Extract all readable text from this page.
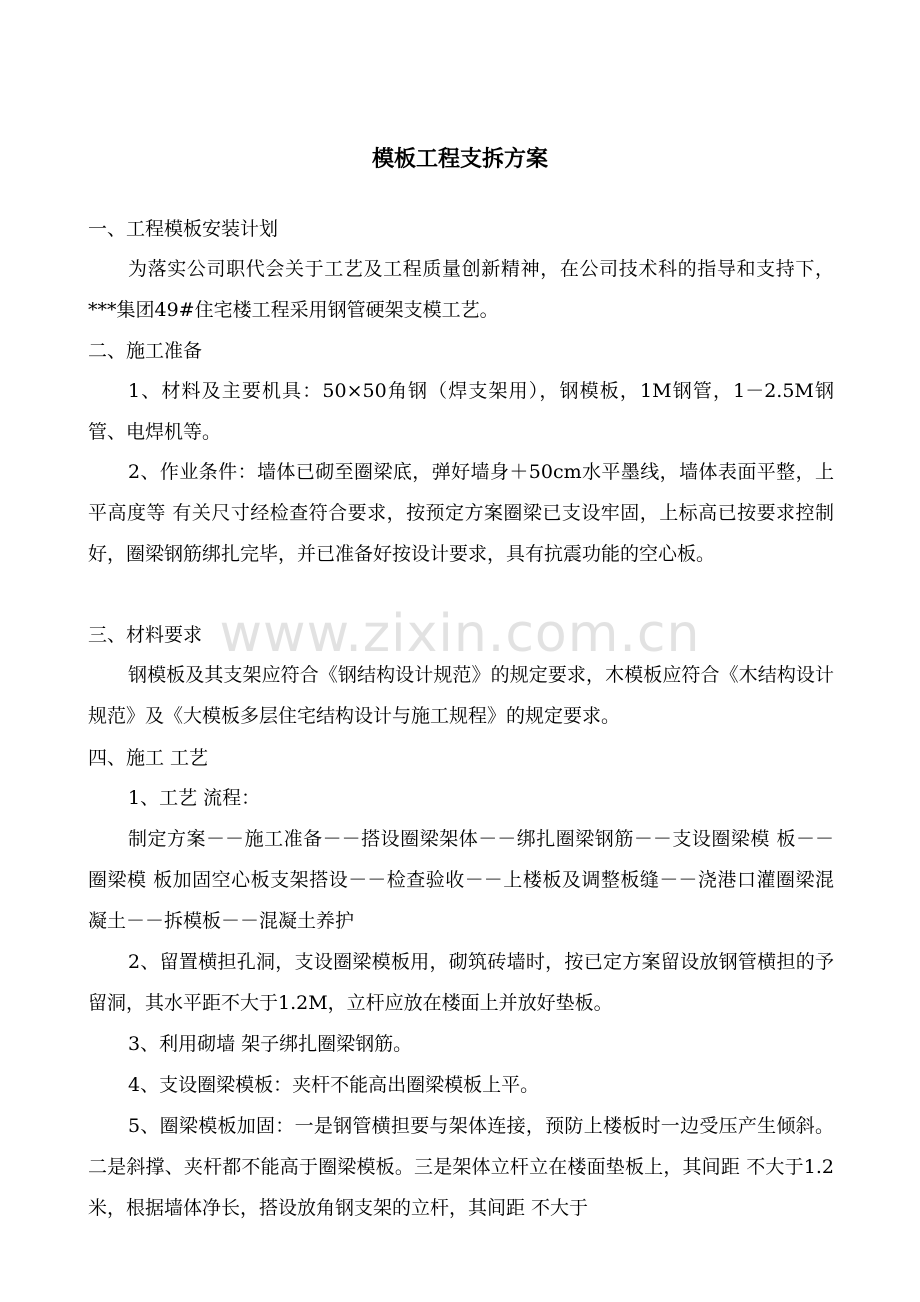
www.zixin.com.cn
模板工程支拆方案
一、工程模板安装计划
为落实公司职代会关于工艺及工程质量创新精神，在公司技术科的指导和支持下，***集团49#住宅楼工程采用钢管硬架支模工艺。
二、施工准备
1、材料及主要机具：50×50角钢（焊支架用），钢模板，1M钢管，1－2.5M钢管、电焊机等。
2、作业条件：墙体已砌至圈梁底，弹好墙身＋50cm水平墨线，墙体表面平整，上平高度等 有关尺寸经检查符合要求，按预定方案圈梁已支设牢固，上标高已按要求控制好，圈梁钢筋绑扎完毕，并已准备好按设计要求，具有抗震功能的空心板。
三、材料要求
钢模板及其支架应符合《钢结构设计规范》的规定要求，木模板应符合《木结构设计规范》及《大模板多层住宅结构设计与施工规程》的规定要求。
四、施工 工艺
1、工艺 流程：
制定方案－－施工准备－－搭设圈梁架体－－绑扎圈梁钢筋－－支设圈梁模 板－－圈梁模 板加固空心板支架搭设－－检查验收－－上楼板及调整板缝－－浇港口灌圈梁混凝土－－拆模板－－混凝土养护
2、留置横担孔洞，支设圈梁模板用，砌筑砖墙时，按已定方案留设放钢管横担的予留洞，其水平距不大于1.2M，立杆应放在楼面上并放好垫板。
3、利用砌墙 架子绑扎圈梁钢筋。
4、支设圈梁模板：夹杆不能高出圈梁模板上平。
5、圈梁模板加固：一是钢管横担要与架体连接，预防上楼板时一边受压产生倾斜。二是斜撑、夹杆都不能高于圈梁模板。三是架体立杆立在楼面垫板上，其间距 不大于1.2米，根据墙体净长，搭设放角钢支架的立杆，其间距 不大于
